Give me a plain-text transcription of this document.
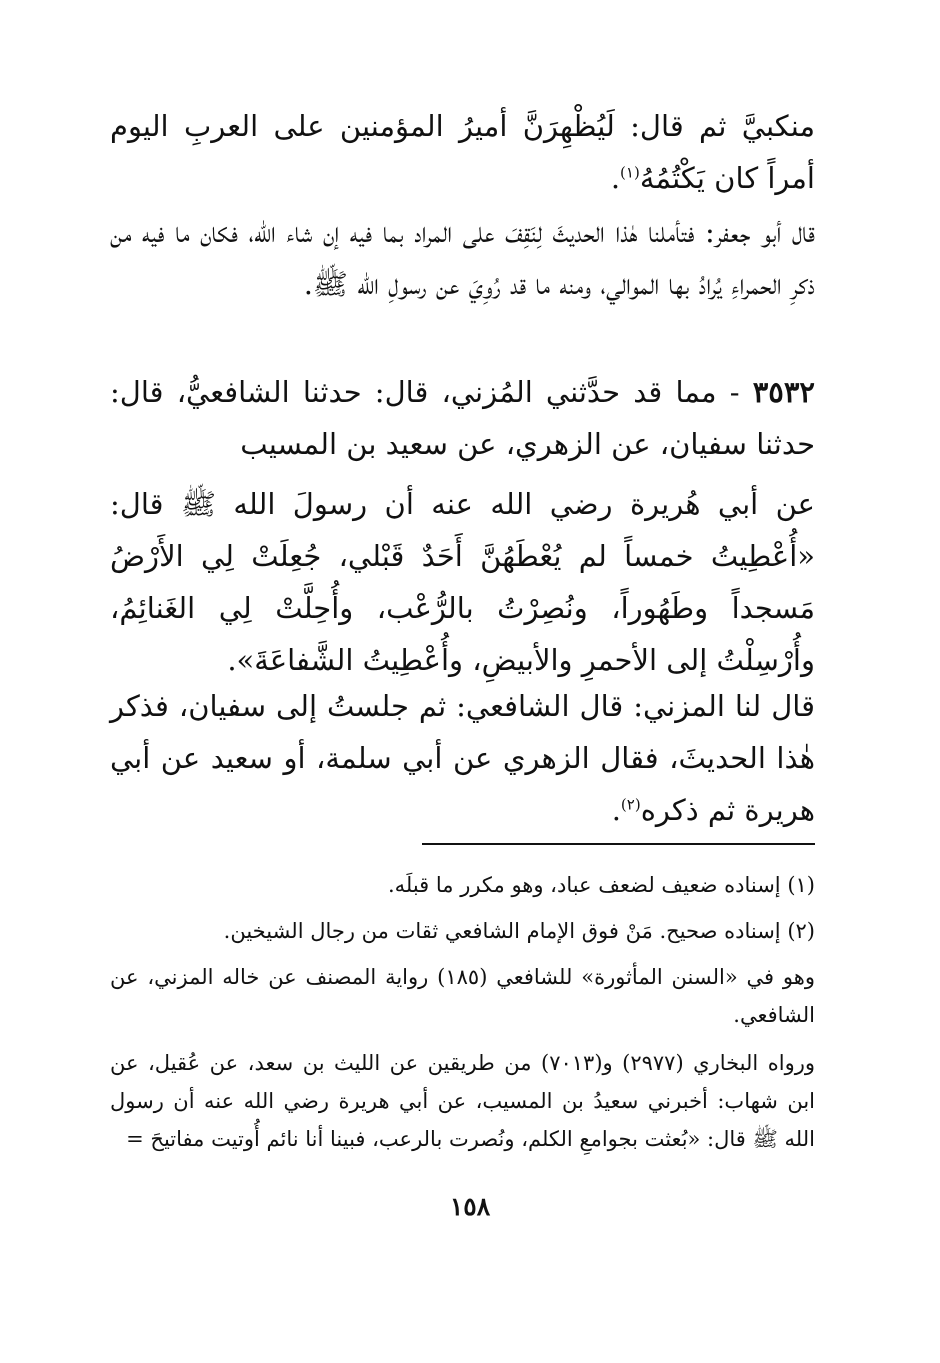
منكبيَّ ثم قال: لَيُظْهِرَنَّ أميرُ المؤمنين على العربِ اليوم أمراً كان يَكْتُمُهُ$^{(١)}$.

قال أبو جعفر: فتأملنا هٰذا الحديثَ لِنَقِفَ على المراد بما فيه إن شاء الله، فكان ما فيه من ذكرِ الحمراءِ يُرادُ بها الموالي، ومنه ما قد رُوِيَ عن رسولِ الله ﷺ.

٣٥٣٢ - مما قد حدَّثني المُزني، قال: حدثنا الشافعيُّ، قال: حدثنا سفيان، عن الزهري، عن سعيد بن المسيب

عن أبي هُريرة رضي الله عنه أن رسولَ الله ﷺ قال: «أُعْطِيتُ خمساً لم يُعْطَهُنَّ أَحَدٌ قَبْلي، جُعِلَتْ لِي الأَرْضُ مَسجداً وطَهُوراً، ونُصِرْتُ بالرُّعْب، وأُحِلَّتْ لِي الغَنائِمُ، وأُرْسِلْتُ إلى الأحمرِ والأبيضِ، وأُعْطِيتُ الشَّفاعَةَ».

قال لنا المزني: قال الشافعي: ثم جلستُ إلى سفيان، فذكر هٰذا الحديثَ، فقال الزهري عن أبي سلمة، أو سعيد عن أبي هريرة ثم ذكره$^{(٢)}$.

(١) إسناده ضعيف لضعف عباد، وهو مكرر ما قبلَه.

(٢) إسناده صحيح. مَنْ فوق الإمام الشافعي ثقات من رجال الشيخين.

وهو في «السنن المأثورة» للشافعي (١٨٥) رواية المصنف عن خاله المزني، عن الشافعي.

ورواه البخاري (٢٩٧٧) و(٧٠١٣) من طريقين عن الليث بن سعد، عن عُقيل، عن ابن شهاب: أخبرني سعيدُ بن المسيب، عن أبي هريرة رضي الله عنه أن رسول الله ﷺ قال: «بُعثت بجوامعِ الكلم، ونُصرت بالرعب، فبينا أنا نائم أُوتيت مفاتيحَ =

١٥٨
